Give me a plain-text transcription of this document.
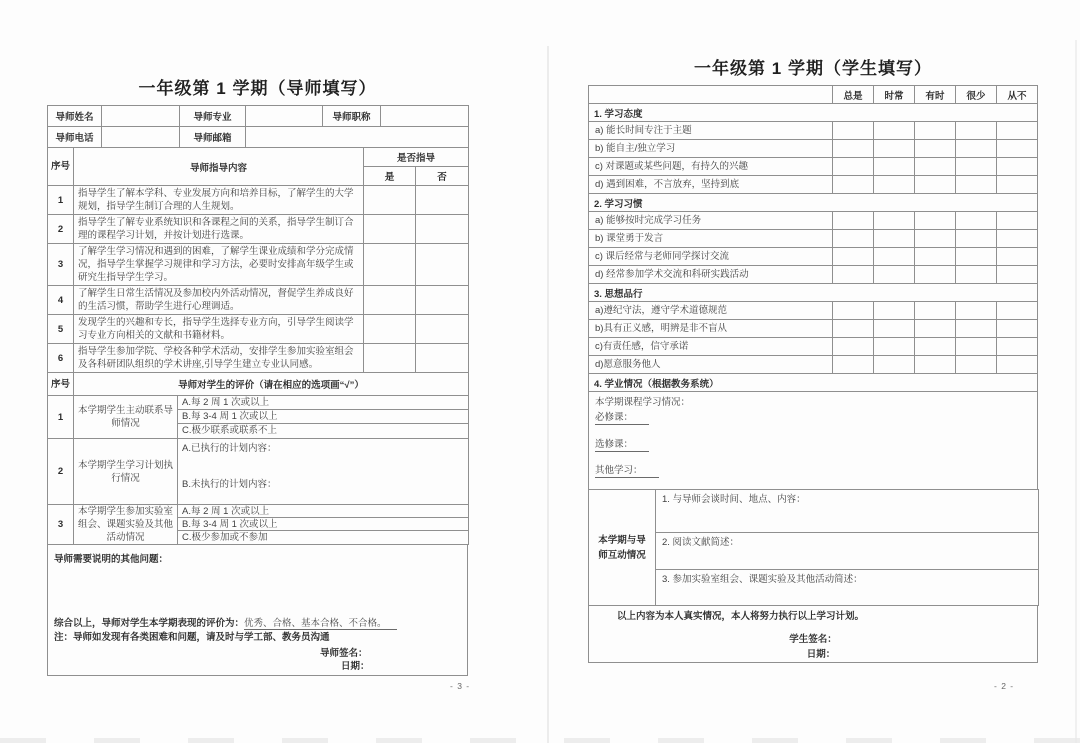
一年级第 1 学期（导师填写）
导师姓名		导师专业		导师职称	
导师电话		导师邮箱			
序号	导师指导内容	是否指导	
		是	否
1	指导学生了解本学科、专业发展方向和培养目标，了解学生的大学规划，指导学生制订合理的人生规划。		
2	指导学生了解专业系统知识和各课程之间的关系，指导学生制订合理的课程学习计划，并按计划进行选课。		
3	了解学生学习情况和遇到的困难，了解学生课业成绩和学分完成情况，指导学生掌握学习规律和学习方法，必要时安排高年级学生或研究生指导学生学习。		
4	了解学生日常生活情况及参加校内外活动情况，督促学生养成良好的生活习惯，帮助学生进行心理调适。		
5	发现学生的兴趣和专长，指导学生选择专业方向，引导学生阅读学习专业方向相关的文献和书籍材料。		
6	指导学生参加学院、学校各种学术活动，安排学生参加实验室组会及各科研团队组织的学术讲座,引导学生建立专业认同感。		
序号	导师对学生的评价（请在相应的选项画“√”）	
1	本学期学生主动联系导师情况	A.每 2 周 1 次或以上
B.每 3-4 周 1 次或以上
C.极少联系或联系不上

2	本学期学生学习计划执行情况	A.已执行的计划内容：
B.未执行的计划内容：

3	本学期学生参加实验室组会、课题实验及其他活动情况	A.每 2 周 1 次或以上
B.每 3-4 周 1 次或以上
C.极少参加或不参加
导师需要说明的其他问题：
综合以上，导师对学生本学期表现的评价为：优秀、合格、基本合格、不合格。
注：导师如发现有各类困难和问题，请及时与学工部、教务员沟通
导师签名：
日期：
- 3 -
一年级第 1 学期（学生填写）
	总是	时常	有时	很少	从不
1. 学习态度					
a) 能长时间专注于主题					
b) 能自主/独立学习					
c) 对课题或某些问题，有持久的兴趣					
d) 遇到困难，不言放弃，坚持到底					
2. 学习习惯					
a) 能够按时完成学习任务					
b) 课堂勇于发言					
c) 课后经常与老师同学探讨交流					
d) 经常参加学术交流和科研实践活动					
3. 思想品行					
a)遵纪守法，遵守学术道德规范					
b)具有正义感，明辨是非不盲从					
c)有责任感，信守承诺					
d)愿意服务他人					
4. 学业情况（根据教务系统）					
本学期课程学习情况：
必修课：
选修课：
其他学习：
本学期与导师互动情况	1. 与导师会谈时间、地点、内容：
2. 阅读文献简述：
3. 参加实验室组会、课题实验及其他活动简述：
以上内容为本人真实情况，本人将努力执行以上学习计划。
学生签名：
日期：
- 2 -
